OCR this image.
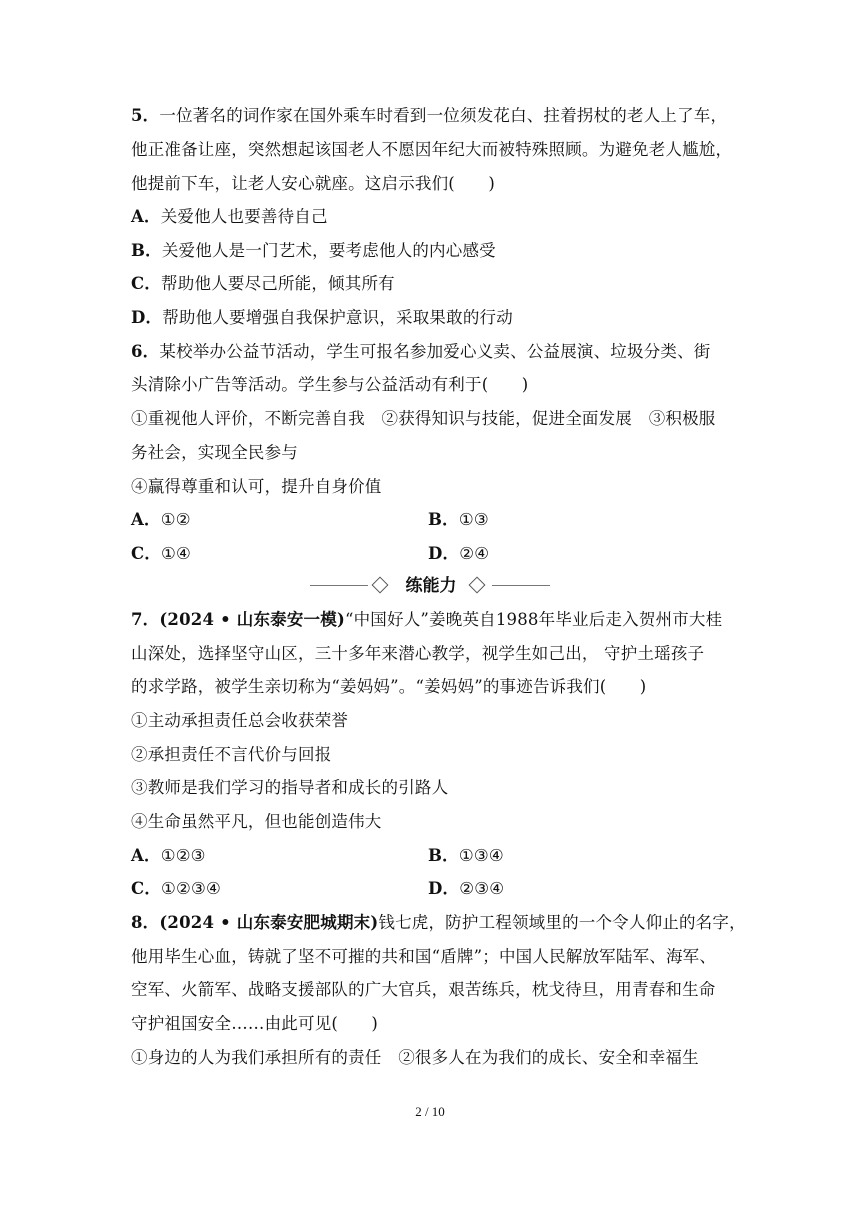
5．一位著名的词作家在国外乘车时看到一位须发花白、拄着拐杖的老人上了车，
他正准备让座，突然想起该国老人不愿因年纪大而被特殊照顾。为避免老人尴尬，
他提前下车，让老人安心就座。这启示我们(　　)
A．关爱他人也要善待自己
B．关爱他人是一门艺术，要考虑他人的内心感受
C．帮助他人要尽己所能，倾其所有
D．帮助他人要增强自我保护意识，采取果敢的行动
6．某校举办公益节活动，学生可报名参加爱心义卖、公益展演、垃圾分类、街
头清除小广告等活动。学生参与公益活动有利于(　　)
①重视他人评价，不断完善自我　②获得知识与技能，促进全面发展　③积极服
务社会，实现全民参与
④赢得尊重和认可，提升自身价值
A．①②	B．①③
C．①④	D．②④
练能力
7．(2024 • 山东泰安一模)“中国好人”姜晚英自1988年毕业后走入贺州市大桂
山深处，选择坚守山区，三十多年来潜心教学，视学生如己出， 守护土瑶孩子
的求学路，被学生亲切称为“姜妈妈”。“姜妈妈”的事迹告诉我们(　　)
①主动承担责任总会收获荣誉
②承担责任不言代价与回报
③教师是我们学习的指导者和成长的引路人
④生命虽然平凡，但也能创造伟大
A．①②③	B．①③④
C．①②③④	D．②③④
8．(2024 • 山东泰安肥城期末)钱七虎，防护工程领域里的一个令人仰止的名字，
他用毕生心血，铸就了坚不可摧的共和国“盾牌”；中国人民解放军陆军、海军、
空军、火箭军、战略支援部队的广大官兵，艰苦练兵，枕戈待旦，用青春和生命
守护祖国安全……由此可见(　　)
①身边的人为我们承担所有的责任　②很多人在为我们的成长、安全和幸福生
2 / 10
